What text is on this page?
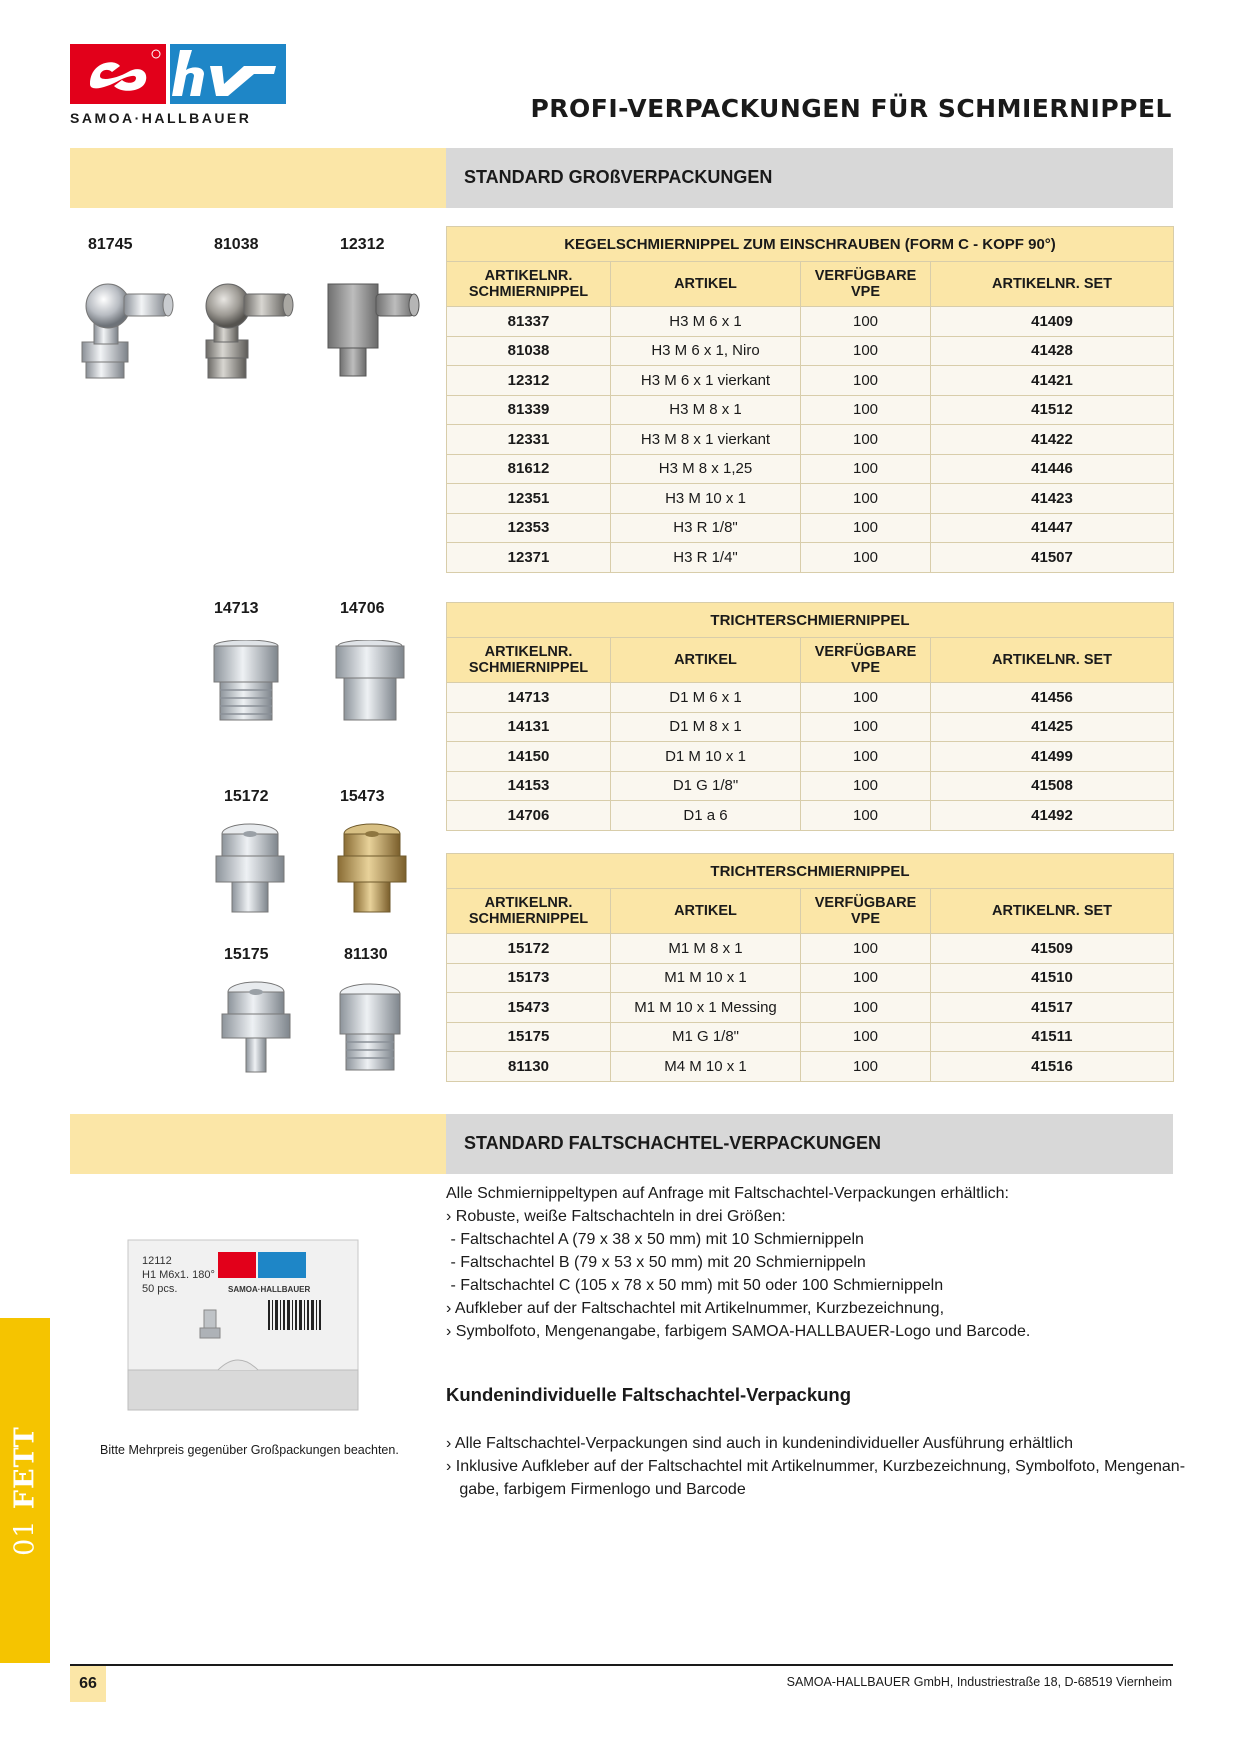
SAMOA·HALLBAUER	PROFI-VERPACKUNGEN FÜR SCHMIERNIPPEL
STANDARD GROßVERPACKUNGEN
81745	81038	12312	KEGELSCHMIERNIPPEL ZUM EINSCHRAUBEN (FORM C - KOPF 90°)			
ARTIKELNR.
SCHMIERNIPPEL	ARTIKEL	VERFÜGBARE
VPE	ARTIKELNR. SET
81337	H3 M 6 x 1	100	41409
81038	H3 M 6 x 1, Niro	100	41428
12312	H3 M 6 x 1 vierkant	100	41421
81339	H3 M 8 x 1	100	41512
12331	H3 M 8 x 1 vierkant	100	41422
81612	H3 M 8 x 1,25	100	41446
12351	H3 M 10 x 1	100	41423
12353	H3 R 1/8"	100	41447
12371	H3 R 1/4"	100	41507
14713	14706
TRICHTERSCHMIERNIPPEL			
ARTIKELNR.
SCHMIERNIPPEL	ARTIKEL	VERFÜGBARE
VPE	ARTIKELNR. SET
14713	D1 M 6 x 1	100	41456
14131	D1 M 8 x 1	100	41425
14150	D1 M 10 x 1	100	41499
14153	D1 G 1/8"	100	41508
14706	D1 a 6	100	41492
15172	15473
15175	81130
TRICHTERSCHMIERNIPPEL			
ARTIKELNR.
SCHMIERNIPPEL	ARTIKEL	VERFÜGBARE
VPE	ARTIKELNR. SET
15172	M1 M 8 x 1	100	41509
15173	M1 M 10 x 1	100	41510
15473	M1 M 10 x 1 Messing	100	41517
15175	M1 G 1/8"	100	41511
81130	M4 M 10 x 1	100	41516
STANDARD FALTSCHACHTEL-VERPACKUNGEN
12112
H1 M6x1. 180°
50 pcs.	SAMOA·HALLBAUER
Alle Schmiernippeltypen auf Anfrage mit Faltschachtel-Verpackungen erhältlich:
› Robuste, weiße Faltschachteln in drei Größen:
- Faltschachtel A (79 x 38 x 50 mm) mit 10 Schmiernippeln
- Faltschachtel B (79 x 53 x 50 mm) mit 20 Schmiernippeln
- Faltschachtel C (105 x 78 x 50 mm) mit 50 oder 100 Schmiernippeln
› Aufkleber auf der Faltschachtel mit Artikelnummer, Kurzbezeichnung,
› Symbolfoto, Mengenangabe, farbigem SAMOA-HALLBAUER-Logo und Barcode.
Kundenindividuelle Faltschachtel-Verpackung
› Alle Faltschachtel-Verpackungen sind auch in kundenindividueller Ausführung erhältlich
› Inklusive Aufkleber auf der Faltschachtel mit Artikelnummer, Kurzbezeichnung, Symbolfoto, Mengenan-
gabe, farbigem Firmenlogo und Barcode
Bitte Mehrpreis gegenüber Großpackungen beachten.
01 FETT
66	SAMOA-HALLBAUER GmbH, Industriestraße 18, D-68519 Viernheim
